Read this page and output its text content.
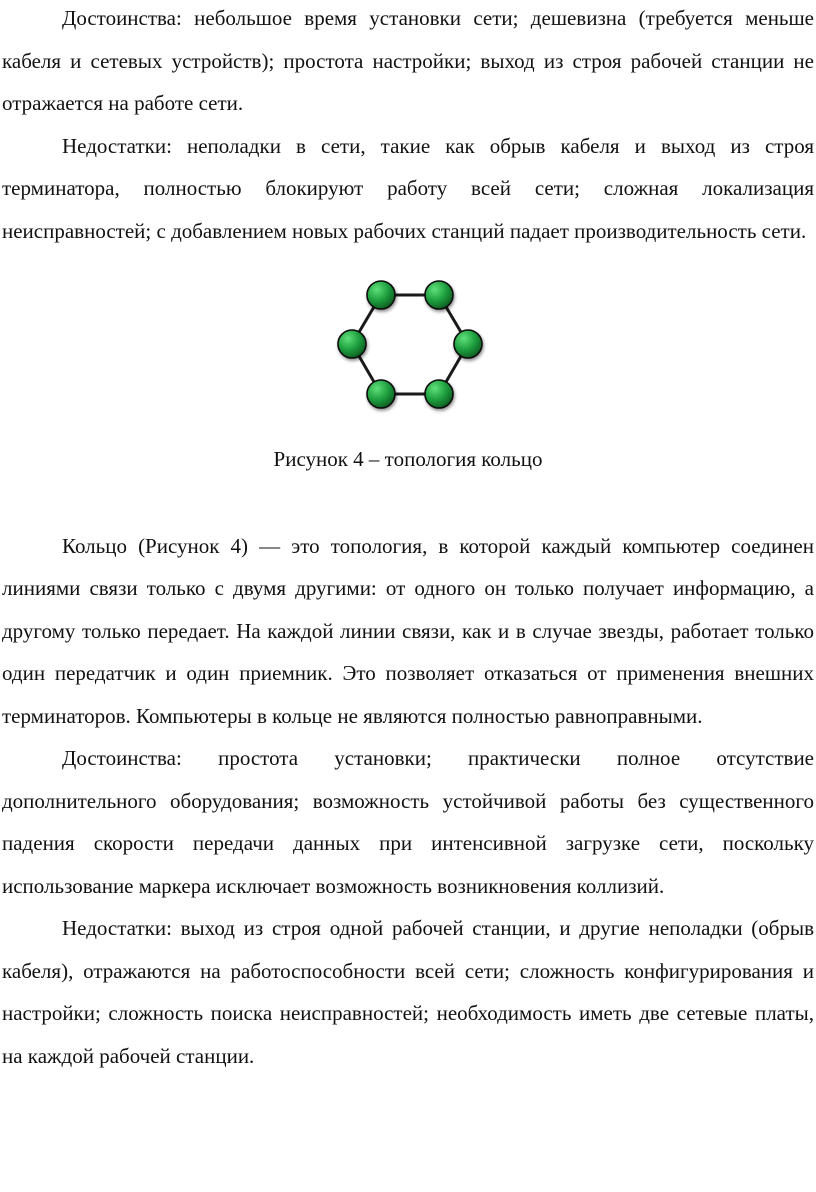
Достоинства: небольшое время установки сети; дешевизна (требуется меньше кабеля и сетевых устройств); простота настройки; выход из строя рабочей станции не отражается на работе сети.

Недостатки: неполадки в сети, такие как обрыв кабеля и выход из строя терминатора, полностью блокируют работу всей сети; сложная локализация неисправностей; с добавлением новых рабочих станций падает производительность сети.

Рисунок 4 – топология кольцо

Кольцо (Рисунок 4) — это топология, в которой каждый компьютер соединен линиями связи только с двумя другими: от одного он только получает информацию, а другому только передает. На каждой линии связи, как и в случае звезды, работает только один передатчик и один приемник. Это позволяет отказаться от применения внешних терминаторов. Компьютеры в кольце не являются полностью равноправными.

Достоинства: простота установки; практически полное отсутствие дополнительного оборудования; возможность устойчивой работы без существенного падения скорости передачи данных при интенсивной загрузке сети, поскольку использование маркера исключает возможность возникновения коллизий.

Недостатки: выход из строя одной рабочей станции, и другие неполадки (обрыв кабеля), отражаются на работоспособности всей сети; сложность конфигурирования и настройки; сложность поиска неисправностей; необходимость иметь две сетевые платы, на каждой рабочей станции.
